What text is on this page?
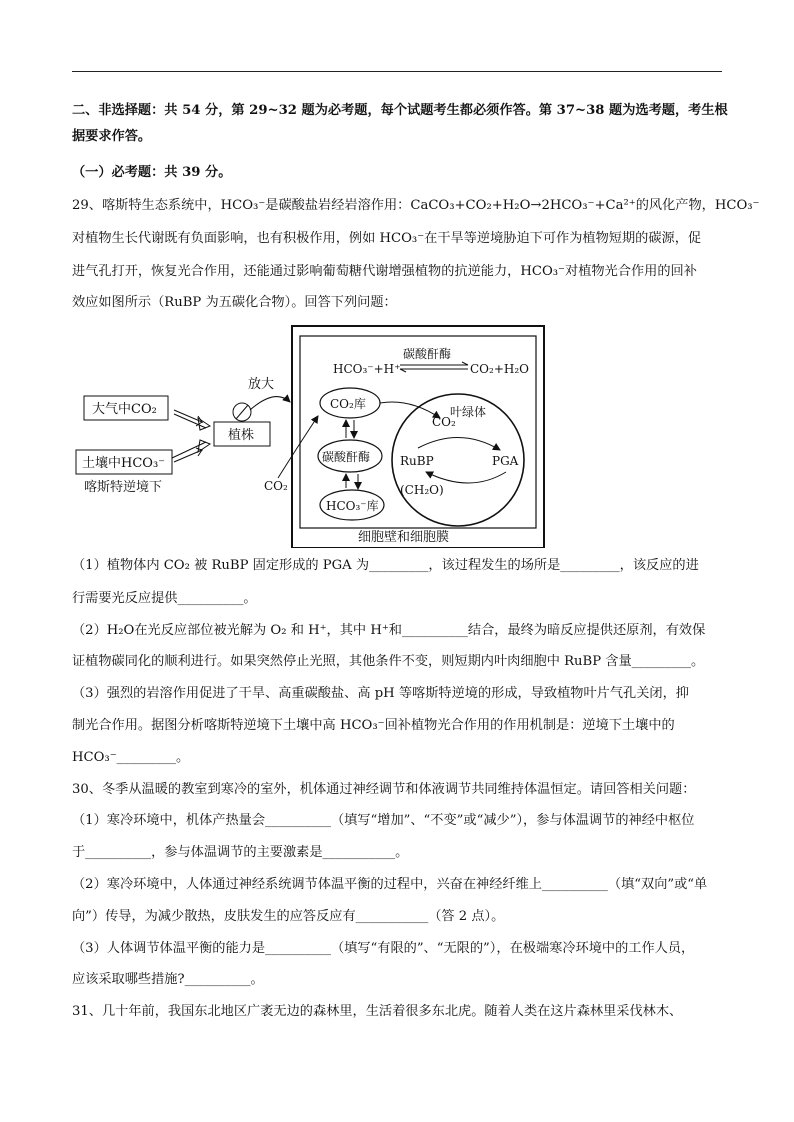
二、非选择题：共 54 分，第 29~32 题为必考题，每个试题考生都必须作答。第 37~38 题为选考题，考生根
据要求作答。
（一）必考题：共 39 分。
29、喀斯特生态系统中，HCO₃⁻是碳酸盐岩经岩溶作用：CaCO₃+CO₂+H₂O→2HCO₃⁻+Ca²⁺的风化产物，HCO₃⁻
对植物生长代谢既有负面影响，也有积极作用，例如 HCO₃⁻在干旱等逆境胁迫下可作为植物短期的碳源，促
进气孔打开，恢复光合作用，还能通过影响葡萄糖代谢增强植物的抗逆能力，HCO₃⁻对植物光合作用的回补
效应如图所示（RuBP 为五碳化合物）。回答下列问题：
细胞壁和细胞膜
HCO₃⁻+H⁺
碳酸酐酶
CO₂+H₂O
大气中CO₂
土壤中HCO₃⁻
喀斯特逆境下
植株
放大
CO₂
CO₂库
碳酸酐酶
HCO₃⁻库
叶绿体
CO₂
RuBP	PGA
(CH₂O)
（1）植物体内 CO₂ 被 RuBP 固定形成的 PGA 为_________，该过程发生的场所是_________，该反应的进
行需要光反应提供__________。
（2）H₂O在光反应部位被光解为 O₂ 和 H⁺，其中 H⁺和__________结合，最终为暗反应提供还原剂，有效保
证植物碳同化的顺利进行。如果突然停止光照，其他条件不变，则短期内叶肉细胞中 RuBP 含量_________。
（3）强烈的岩溶作用促进了干旱、高重碳酸盐、高 pH 等喀斯特逆境的形成，导致植物叶片气孔关闭，抑
制光合作用。据图分析喀斯特逆境下土壤中高 HCO₃⁻回补植物光合作用的作用机制是：逆境下土壤中的
HCO₃⁻_________。
30、冬季从温暖的教室到寒冷的室外，机体通过神经调节和体液调节共同维持体温恒定。请回答相关问题：
（1）寒冷环境中，机体产热量会__________（填写“增加”、“不变”或“减少”），参与体温调节的神经中枢位
于__________，参与体温调节的主要激素是___________。
（2）寒冷环境中，人体通过神经系统调节体温平衡的过程中，兴奋在神经纤维上__________（填“双向”或“单
向”）传导，为减少散热，皮肤发生的应答反应有___________（答 2 点）。
（3）人体调节体温平衡的能力是__________（填写“有限的”、“无限的”），在极端寒冷环境中的工作人员，
应该采取哪些措施?__________。
31、几十年前，我国东北地区广袤无边的森林里，生活着很多东北虎。随着人类在这片森林里采伐林木、
